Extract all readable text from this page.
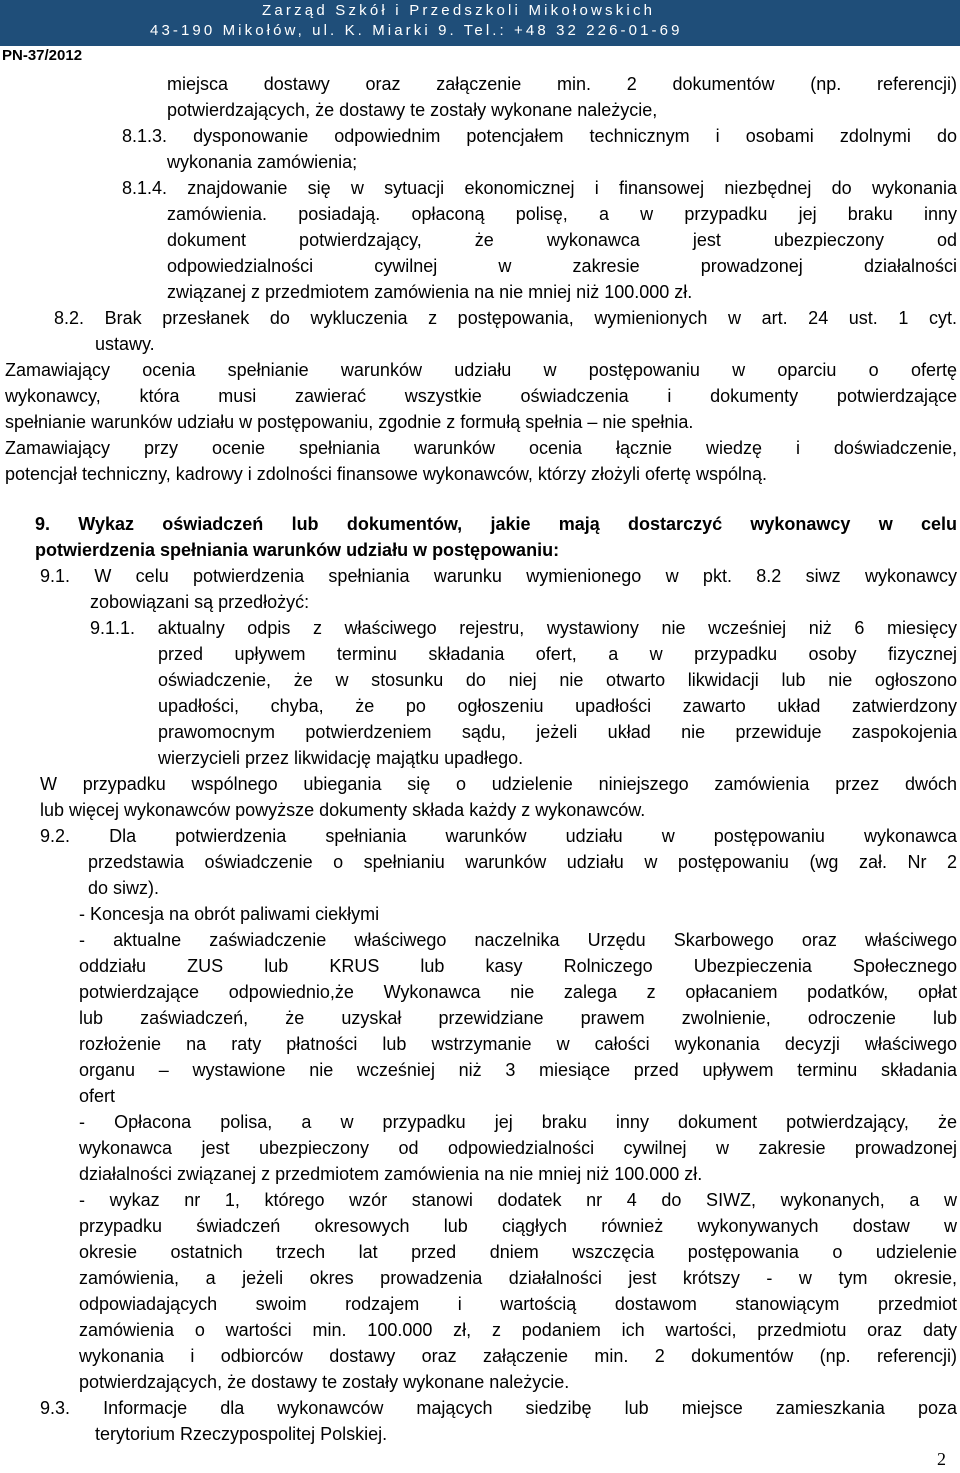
Zarząd Szkół i Przedszkoli Mikołowskich
43-190 Mikołów, ul. K. Miarki 9. Tel.: +48 32 226-01-69
PN-37/2012
miejsca dostawy oraz załączenie min. 2 dokumentów (np. referencji)
potwierdzających, że dostawy te zostały wykonane należycie,
8.1.3. dysponowanie odpowiednim potencjałem technicznym i osobami zdolnymi do
wykonania zamówienia;
8.1.4. znajdowanie się w sytuacji ekonomicznej i finansowej niezbędnej do wykonania
zamówienia. posiadają. opłaconą polisę, a w przypadku jej braku inny
dokument potwierdzający, że wykonawca jest ubezpieczony od
odpowiedzialności cywilnej w zakresie prowadzonej działalności
związanej z przedmiotem zamówienia na nie mniej niż 100.000 zł.
8.2. Brak przesłanek do wykluczenia z postępowania, wymienionych w art. 24 ust. 1 cyt.
ustawy.
Zamawiający ocenia spełnianie warunków udziału w postępowaniu w oparciu o ofertę
wykonawcy, która musi zawierać wszystkie oświadczenia i dokumenty potwierdzające
spełnianie warunków udziału w postępowaniu, zgodnie z formułą spełnia – nie spełnia.
Zamawiający przy ocenie spełniania warunków ocenia łącznie wiedzę i doświadczenie,
potencjał techniczny, kadrowy i zdolności finansowe wykonawców, którzy złożyli ofertę wspólną.
9. Wykaz oświadczeń lub dokumentów, jakie mają dostarczyć wykonawcy w celu
potwierdzenia spełniania warunków udziału w postępowaniu:
9.1. W celu potwierdzenia spełniania warunku wymienionego w pkt. 8.2 siwz wykonawcy
zobowiązani są przedłożyć:
9.1.1. aktualny odpis z właściwego rejestru, wystawiony nie wcześniej niż 6 miesięcy
przed upływem terminu składania ofert, a w przypadku osoby fizycznej
oświadczenie, że w stosunku do niej nie otwarto likwidacji lub nie ogłoszono
upadłości, chyba, że po ogłoszeniu upadłości zawarto układ zatwierdzony
prawomocnym potwierdzeniem sądu, jeżeli układ nie przewiduje zaspokojenia
wierzycieli przez likwidację majątku upadłego.
W przypadku wspólnego ubiegania się o udzielenie niniejszego zamówienia przez dwóch
lub więcej wykonawców powyższe dokumenty składa każdy z wykonawców.
9.2. Dla potwierdzenia spełniania warunków udziału w postępowaniu wykonawca
przedstawia oświadczenie o spełnianiu warunków udziału w postępowaniu (wg zał. Nr 2
do siwz).
- Koncesja na obrót paliwami ciekłymi
- aktualne zaświadczenie właściwego naczelnika Urzędu Skarbowego oraz właściwego
oddziału ZUS lub KRUS lub kasy Rolniczego Ubezpieczenia Społecznego
potwierdzające odpowiednio,że Wykonawca nie zalega z opłacaniem podatków, opłat
lub zaświadczeń, że uzyskał przewidziane prawem zwolnienie, odroczenie lub
rozłożenie na raty płatności lub wstrzymanie w całości wykonania decyzji właściwego
organu – wystawione nie wcześniej niż 3 miesiące przed upływem terminu składania
ofert
- Opłacona polisa, a w przypadku jej braku inny dokument potwierdzający, że
wykonawca jest ubezpieczony od odpowiedzialności cywilnej w zakresie prowadzonej
działalności związanej z przedmiotem zamówienia na nie mniej niż 100.000 zł.
- wykaz nr 1, którego wzór stanowi dodatek nr 4 do SIWZ, wykonanych, a w
przypadku świadczeń okresowych lub ciągłych również wykonywanych dostaw w
okresie ostatnich trzech lat przed dniem wszczęcia postępowania o udzielenie
zamówienia, a jeżeli okres prowadzenia działalności jest krótszy - w tym okresie,
odpowiadających swoim rodzajem i wartością dostawom stanowiącym przedmiot
zamówienia o wartości min. 100.000 zł, z podaniem ich wartości, przedmiotu oraz daty
wykonania i odbiorców dostawy oraz załączenie min. 2 dokumentów (np. referencji)
potwierdzających, że dostawy te zostały wykonane należycie.
9.3. Informacje dla wykonawców mających siedzibę lub miejsce zamieszkania poza
terytorium Rzeczypospolitej Polskiej.
2
